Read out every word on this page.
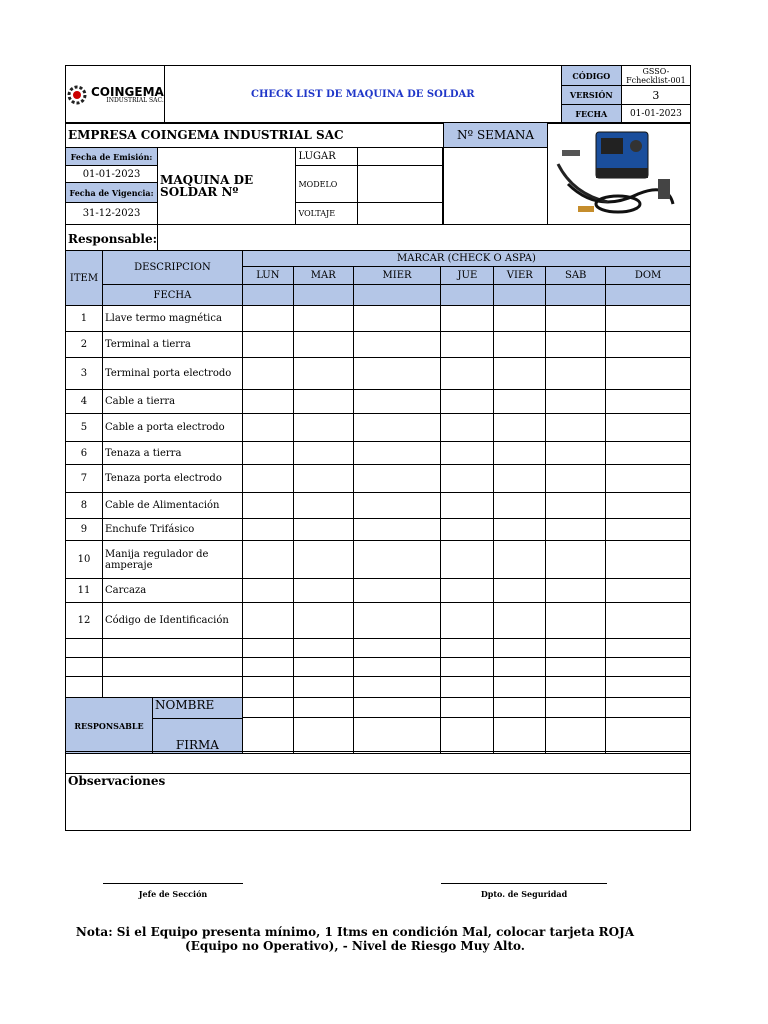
COINGEMA
INDUSTRIAL SAC.	CHECK LIST DE MAQUINA DE SOLDAR	CÓDIGO	GSSO-Fchecklist-001
		VERSIÓN	3
		FECHA	01-01-2023
EMPRESA COINGEMA INDUSTRIAL SAC				Nº SEMANA	
Fecha de Emisión:	MAQUINA DE SOLDAR Nº	LUGAR			
01-01-2023		MODELO			
Fecha de Vigencia:					
31-12-2023		VOLTAJE			
Responsable:					
ITEM	DESCRIPCION	MARCAR (CHECK O ASPA)						
		LUN	MAR	MIER	JUE	VIER	SAB	DOM
	FECHA							
1	Llave termo magnética							
2	Terminal a tierra							
3	Terminal porta electrodo							
4	Cable a tierra							
5	Cable a porta electrodo							
6	Tenaza a tierra							
7	Tenaza porta electrodo							
8	Cable de Alimentación							
9	Enchufe Trifásico							
10	Manija regulador de amperaje							
11	Carcaza							
12	Código de Identificación							

RESPONSABLE
NOMBRE
FIRMA								

Observaciones
Jefe de Sección	Dpto. de Seguridad
Nota: Si el Equipo presenta mínimo, 1 Itms en condición Mal, colocar tarjeta ROJA
(Equipo no Operativo), - Nivel de Riesgo Muy Alto.
